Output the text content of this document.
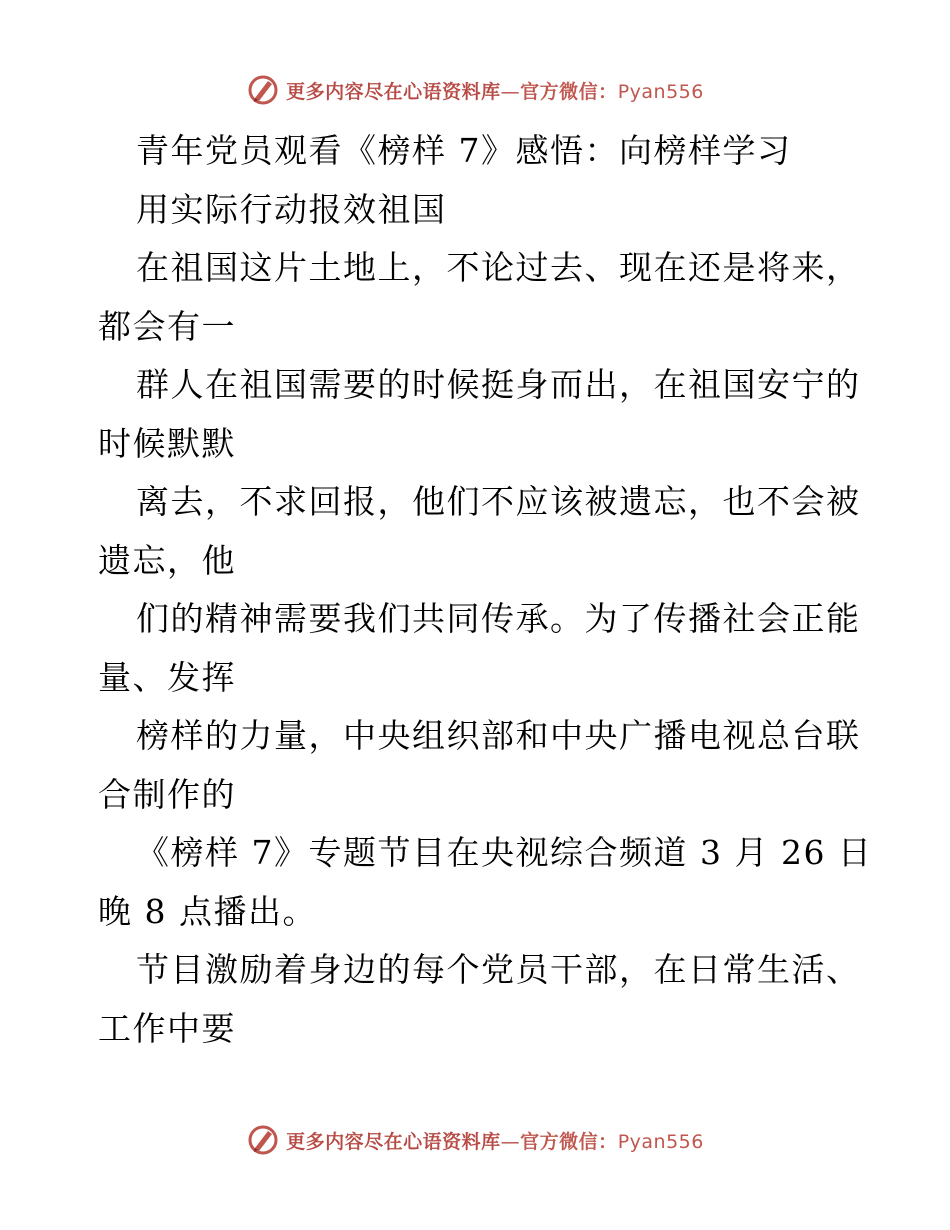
更多内容尽在心语资料库—官方微信：Pyan556
青年党员观看《榜样 7》感悟：向榜样学习
用实际行动报效祖国
在祖国这片土地上，不论过去、现在还是将来，
都会有一
群人在祖国需要的时候挺身而出，在祖国安宁的
时候默默
离去，不求回报，他们不应该被遗忘，也不会被
遗忘，他
们的精神需要我们共同传承。为了传播社会正能
量、发挥
榜样的力量，中央组织部和中央广播电视总台联
合制作的
《榜样 7》专题节目在央视综合频道 3 月 26 日
晚 8 点播出。
节目激励着身边的每个党员干部，在日常生活、
工作中要
更多内容尽在心语资料库—官方微信：Pyan556
